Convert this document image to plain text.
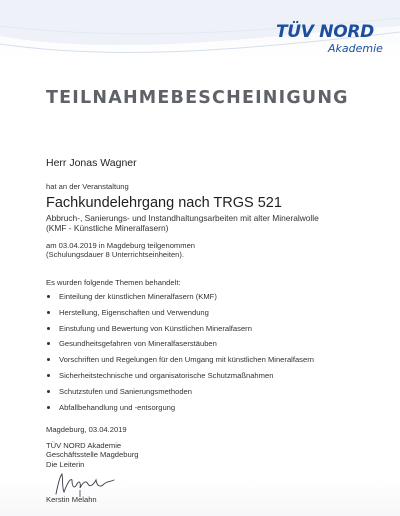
TÜV NORD
Akademie
TEILNAHMEBESCHEINIGUNG
Herr Jonas Wagner
hat an der Veranstaltung
Fachkundelehrgang nach TRGS 521
Abbruch-, Sanierungs- und Instandhaltungsarbeiten mit alter Mineralwolle
(KMF - Künstliche Mineralfasern)
am 03.04.2019 in Magdeburg teilgenommen
(Schulungsdauer 8 Unterrichtseinheiten).
Es wurden folgende Themen behandelt:
Einteilung der künstlichen Mineralfasern (KMF)
Herstellung, Eigenschaften und Verwendung
Einstufung und Bewertung von Künstlichen Mineralfasern
Gesundheitsgefahren von Mineralfaserstäuben
Vorschriften und Regelungen für den Umgang mit künstlichen Mineralfasern
Sicherheitstechnische und organisatorische Schutzmaßnahmen
Schutzstufen und Sanierungsmethoden
Abfallbehandlung und -entsorgung
Magdeburg, 03.04.2019
TÜV NORD Akademie
Geschäftsstelle Magdeburg
Die Leiterin
Kerstin Melahn
